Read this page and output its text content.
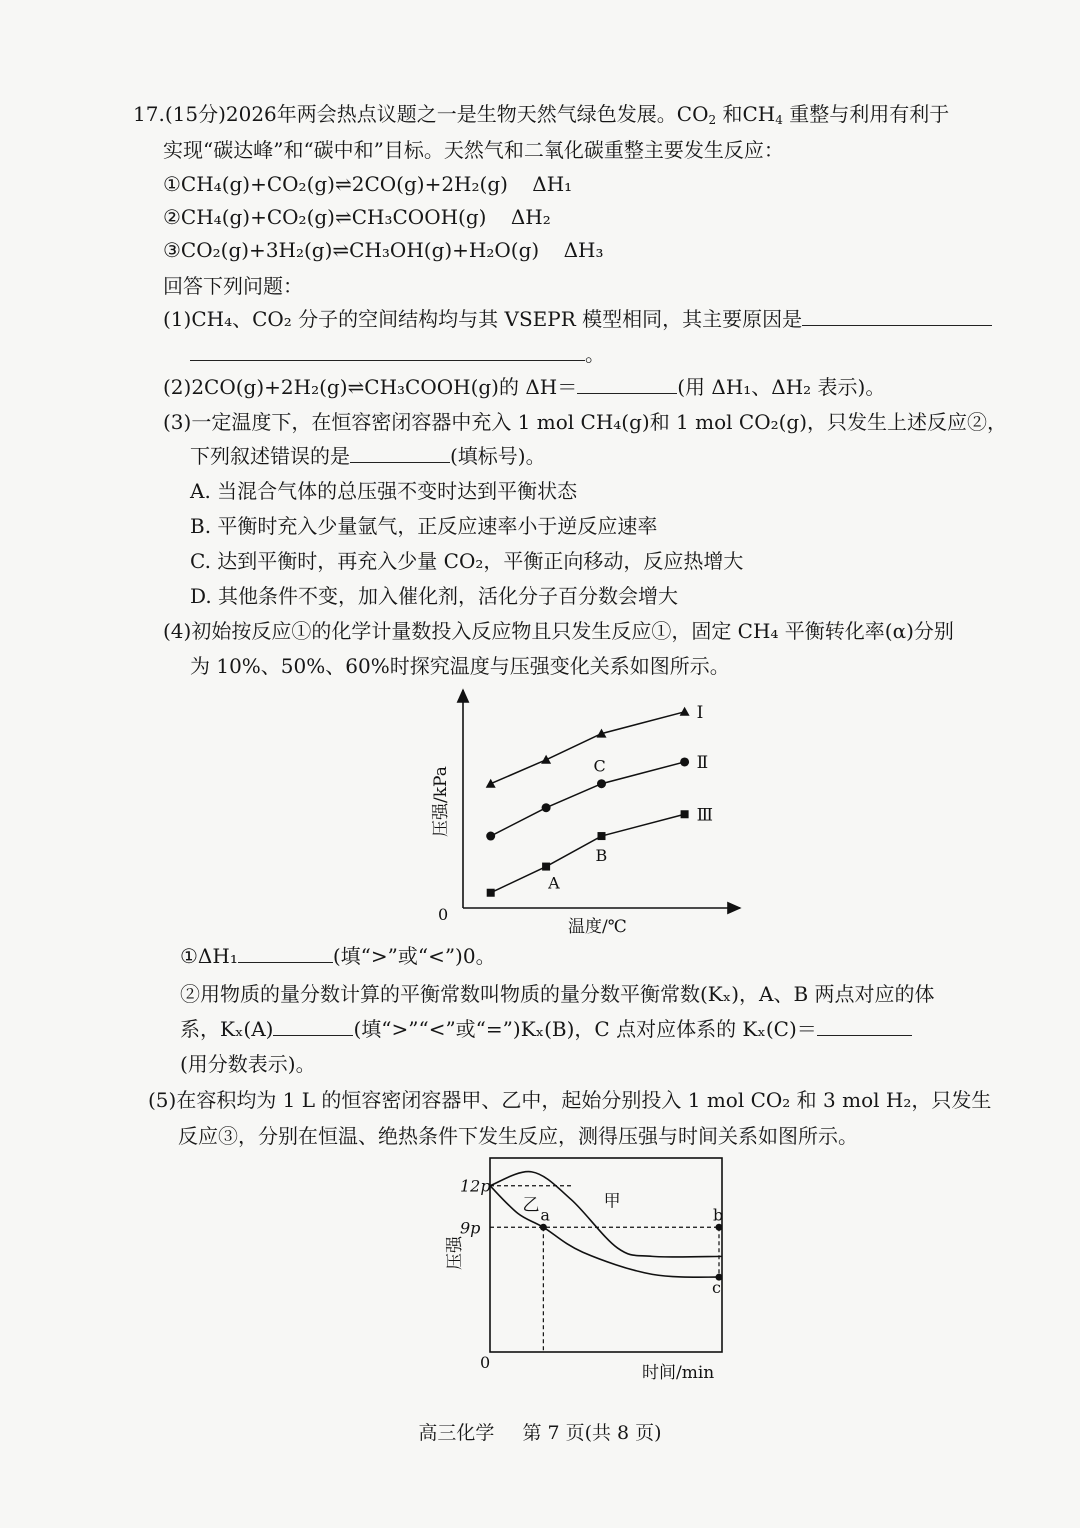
17.(15分)2026年两会热点议题之一是生物天然气绿色发展。$CO_2$ 和$CH_4$ 重整与利用有利于
实现“碳达峰”和“碳中和”目标。天然气和二氧化碳重整主要发生反应：
①CH₄(g)+CO₂(g)⇌2CO(g)+2H₂(g) ΔH₁
②CH₄(g)+CO₂(g)⇌CH₃COOH(g) ΔH₂
③CO₂(g)+3H₂(g)⇌CH₃OH(g)+H₂O(g) ΔH₃
回答下列问题：
(1)CH₄、CO₂ 分子的空间结构均与其 VSEPR 模型相同，其主要原因是
。
(2)2CO(g)+2H₂(g)⇌CH₃COOH(g)的 ΔH＝	(用 ΔH₁、ΔH₂ 表示)。
(3)一定温度下，在恒容密闭容器中充入 1 mol CH₄(g)和 1 mol CO₂(g)，只发生上述反应②，
下列叙述错误的是	(填标号)。
A. 当混合气体的总压强不变时达到平衡状态
B. 平衡时充入少量氩气，正反应速率小于逆反应速率
C. 达到平衡时，再充入少量 CO₂，平衡正向移动，反应热增大
D. 其他条件不变，加入催化剂，活化分子百分数会增大
(4)初始按反应①的化学计量数投入反应物且只发生反应①，固定 CH₄ 平衡转化率(α)分别
为 10%、50%、60%时探究温度与压强变化关系如图所示。
0
温度/℃
压强/kPa
Ⅰ
Ⅱ
Ⅲ
A
B
C
①ΔH₁	(填“>”或“<”)0。
②用物质的量分数计算的平衡常数叫物质的量分数平衡常数(Kₓ)，A、B 两点对应的体
系，Kₓ(A)	(填“>”“<”或“=”)Kₓ(B)，C 点对应体系的 Kₓ(C)＝
(用分数表示)。
(5)在容积均为 1 L 的恒容密闭容器甲、乙中，起始分别投入 1 mol CO₂ 和 3 mol H₂，只发生
反应③，分别在恒温、绝热条件下发生反应，测得压强与时间关系如图所示。
0
时间/min
压强
12p
9p
甲
乙 a	b
c
高三化学 第 7 页(共 8 页)
